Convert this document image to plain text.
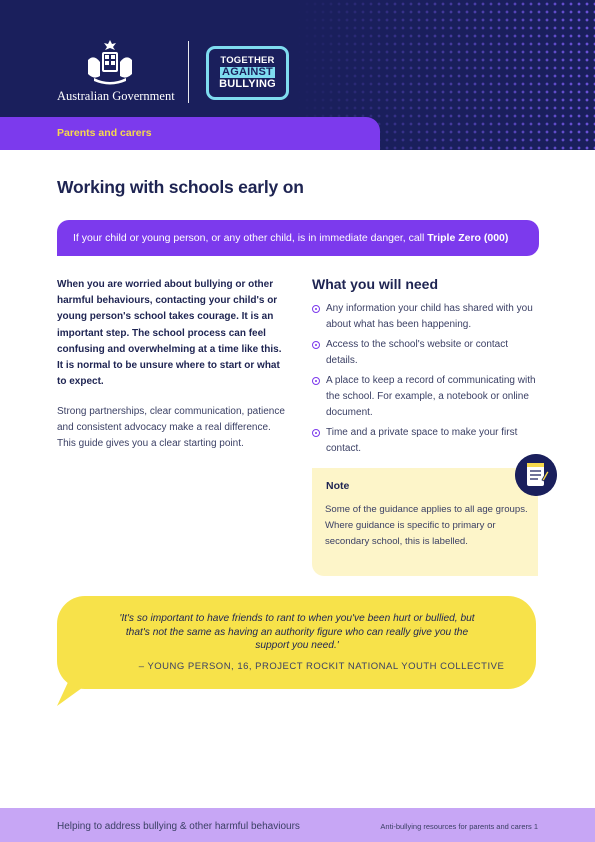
Australian Government
TOGETHER
AGAINST
BULLYING
Parents and carers
Working with schools early on

If your child or young person, or any other child, is in immediate danger, call Triple Zero (000)

When you are worried about bullying or other harmful behaviours, contacting your child's or young person's school takes courage. It is an important step. The school process can feel confusing and overwhelming at a time like this. It is normal to be unsure where to start or what to expect.

Strong partnerships, clear communication, patience and consistent advocacy make a real difference. This guide gives you a clear starting point.

What you will need
Any information your child has shared with you about what has been happening.
Access to the school's website or contact details.
A place to keep a record of communicating with the school. For example, a notebook or online document.
Time and a private space to make your first contact.
Note

Some of the guidance applies to all age groups. Where guidance is specific to primary or secondary school, this is labelled.

'It's so important to have friends to rant to when you've been hurt or bullied, but that's not the same as having an authority figure who can really give you the support you need.'

– YOUNG PERSON, 16, PROJECT ROCKIT NATIONAL YOUTH COLLECTIVE
Helping to address bullying & other harmful behaviours	Anti-bullying resources for parents and carers 1
